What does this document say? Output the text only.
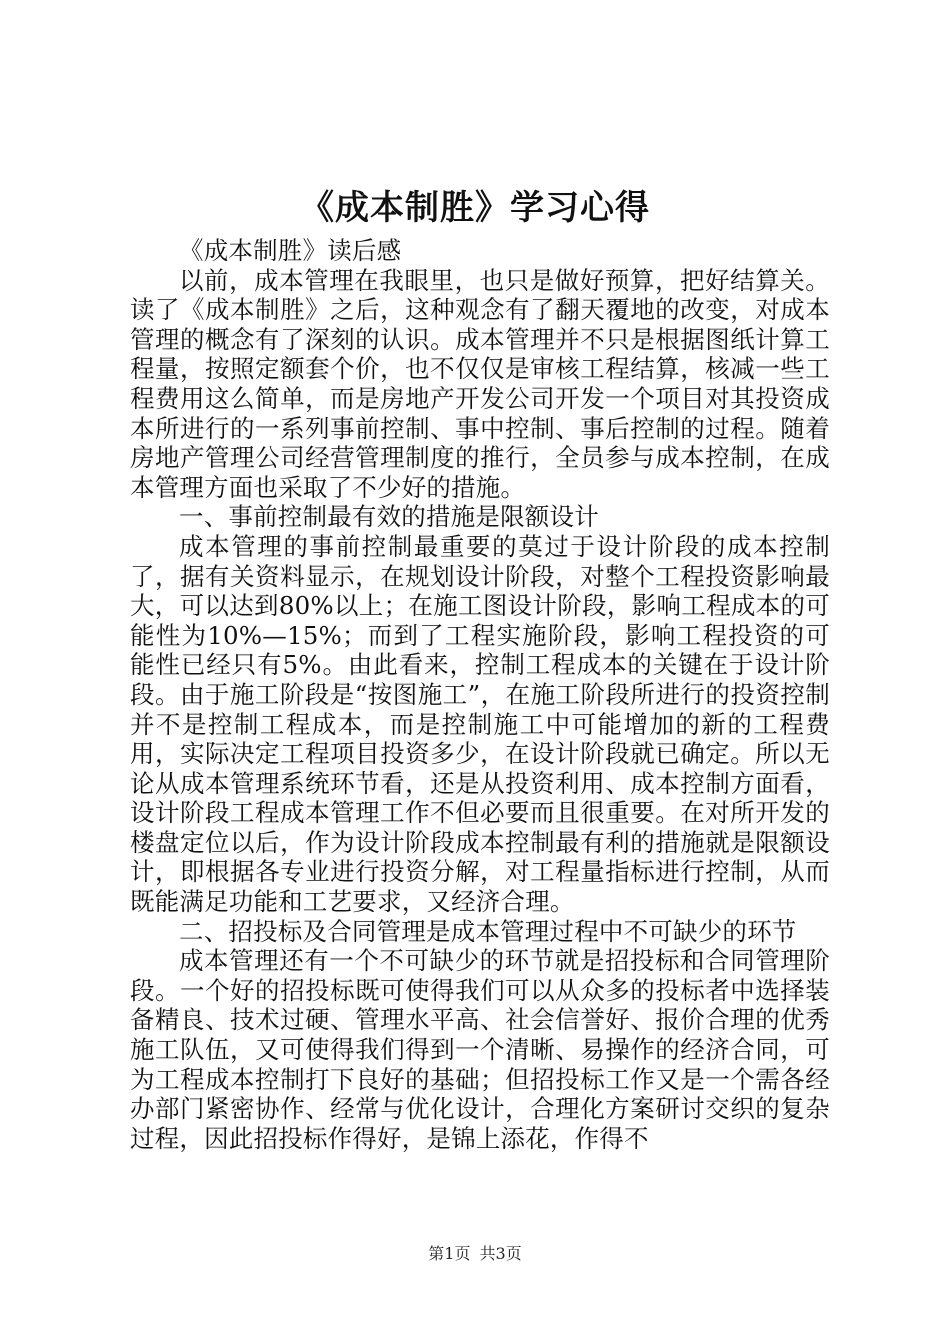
《成本制胜》学习心得

《成本制胜》读后感

以前，成本管理在我眼里，也只是做好预算，把好结算关。读了《成本制胜》之后，这种观念有了翻天覆地的改变，对成本管理的概念有了深刻的认识。成本管理并不只是根据图纸计算工程量，按照定额套个价，也不仅仅是审核工程结算，核减一些工程费用这么简单，而是房地产开发公司开发一个项目对其投资成本所进行的一系列事前控制、事中控制、事后控制的过程。随着房地产管理公司经营管理制度的推行，全员参与成本控制，在成本管理方面也采取了不少好的措施。

一、事前控制最有效的措施是限额设计

成本管理的事前控制最重要的莫过于设计阶段的成本控制了，据有关资料显示，在规划设计阶段，对整个工程投资影响最大，可以达到80%以上；在施工图设计阶段，影响工程成本的可能性为10%—15%；而到了工程实施阶段，影响工程投资的可能性已经只有5%。由此看来，控制工程成本的关键在于设计阶段。由于施工阶段是“按图施工”，在施工阶段所进行的投资控制并不是控制工程成本，而是控制施工中可能增加的新的工程费用，实际决定工程项目投资多少，在设计阶段就已确定。所以无论从成本管理系统环节看，还是从投资利用、成本控制方面看，设计阶段工程成本管理工作不但必要而且很重要。在对所开发的楼盘定位以后，作为设计阶段成本控制最有利的措施就是限额设计，即根据各专业进行投资分解，对工程量指标进行控制，从而既能满足功能和工艺要求，又经济合理。

二、招投标及合同管理是成本管理过程中不可缺少的环节

成本管理还有一个不可缺少的环节就是招投标和合同管理阶段。一个好的招投标既可使得我们可以从众多的投标者中选择装备精良、技术过硬、管理水平高、社会信誉好、报价合理的优秀施工队伍，又可使得我们得到一个清晰、易操作的经济合同，可为工程成本控制打下良好的基础；但招投标工作又是一个需各经办部门紧密协作、经常与优化设计，合理化方案研讨交织的复杂过程，因此招投标作得好，是锦上添花，作得不

第1页 共3页
